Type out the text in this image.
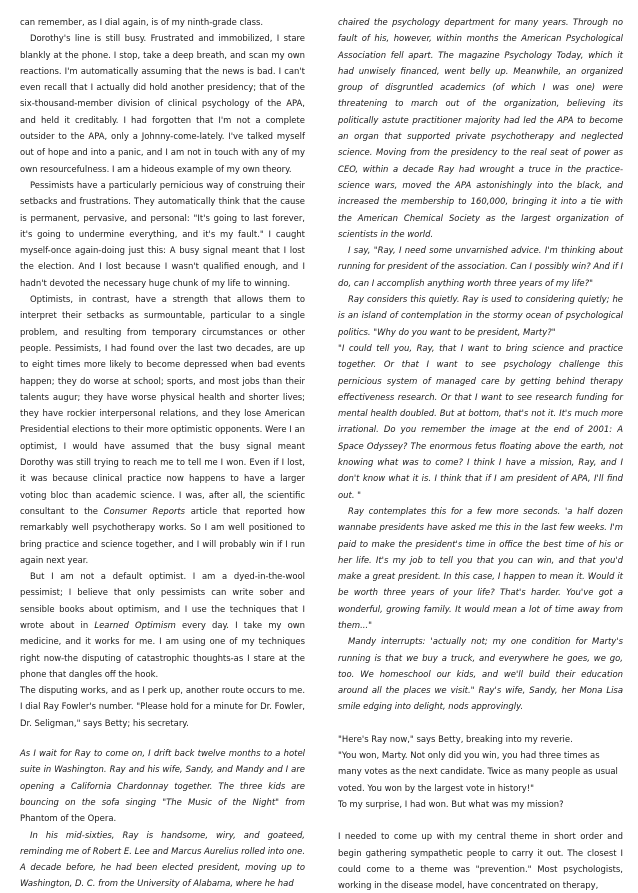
can remember, as I dial again, is of my ninth-grade class.

Dorothy's line is still busy. Frustrated and immobilized, I stare blankly at the phone. I stop, take a deep breath, and scan my own reactions. I'm automatically assuming that the news is bad. I can't even recall that I actually did hold another presidency; that of the six-thousand-member division of clinical psychology of the APA, and held it creditably. I had forgotten that I'm not a complete outsider to the APA, only a Johnny-come-lately. I've talked myself out of hope and into a panic, and I am not in touch with any of my own resourcefulness. I am a hideous example of my own theory.

Pessimists have a particularly pernicious way of construing their setbacks and frustrations. They automatically think that the cause is permanent, pervasive, and personal: "It's going to last forever, it's going to undermine everything, and it's my fault." I caught myself-once again-doing just this: A busy signal meant that I lost the election. And I lost because I wasn't qualified enough, and I hadn't devoted the necessary huge chunk of my life to winning.

Optimists, in contrast, have a strength that allows them to interpret their setbacks as surmountable, particular to a single problem, and resulting from temporary circumstances or other people. Pessimists, I had found over the last two decades, are up to eight times more likely to become depressed when bad events happen; they do worse at school; sports, and most jobs than their talents augur; they have worse physical health and shorter lives; they have rockier interpersonal relations, and they lose American Presidential elections to their more optimistic opponents. Were I an optimist, I would have assumed that the busy signal meant Dorothy was still trying to reach me to tell me I won. Even if I lost, it was because clinical practice now happens to have a larger voting bloc than academic science. I was, after all, the scientific consultant to the Consumer Reports article that reported how remarkably well psychotherapy works. So I am well positioned to bring practice and science together, and I will probably win if I run again next year.

But I am not a default optimist. I am a dyed-in-the-wool pessimist; I believe that only pessimists can write sober and sensible books about optimism, and I use the techniques that I wrote about in Learned Optimism every day. I take my own medicine, and it works for me. I am using one of my techniques right now-the disputing of catastrophic thoughts-as I stare at the phone that dangles off the hook.

The disputing works, and as I perk up, another route occurs to me. I dial Ray Fowler's number. "Please hold for a minute for Dr. Fowler, Dr. Seligman," says Betty; his secretary.

As I wait for Ray to come on, I drift back twelve months to a hotel suite in Washington. Ray and his wife, Sandy, and Mandy and I are opening a California Chardonnay together. The three kids are bouncing on the sofa singing "The Music of the Night" from Phantom of the Opera.

In his mid-sixties, Ray is handsome, wiry, and goateed, reminding me of Robert E. Lee and Marcus Aurelius rolled into one. A decade before, he had been elected president, moving up to Washington, D. C. from the University of Alabama, where he had

chaired the psychology department for many years. Through no fault of his, however, within months the American Psychological Association fell apart. The magazine Psychology Today, which it had unwisely financed, went belly up. Meanwhile, an organized group of disgruntled academics (of which I was one) were threatening to march out of the organization, believing its politically astute practitioner majority had led the APA to become an organ that supported private psychotherapy and neglected science. Moving from the presidency to the real seat of power as CEO, within a decade Ray had wrought a truce in the practice-science wars, moved the APA astonishingly into the black, and increased the membership to 160,000, bringing it into a tie with the American Chemical Society as the largest organization of scientists in the world.

I say, "Ray, I need some unvarnished advice. I'm thinking about running for president of the association. Can I possibly win? And if I do, can I accomplish anything worth three years of my life?"

Ray considers this quietly. Ray is used to considering quietly; he is an island of contemplation in the stormy ocean of psychological politics. "Why do you want to be president, Marty?"

"I could tell you, Ray, that I want to bring science and practice together. Or that I want to see psychology challenge this pernicious system of managed care by getting behind therapy effectiveness research. Or that I want to see research funding for mental health doubled. But at bottom, that's not it. It's much more irrational. Do you remember the image at the end of 2001: A Space Odyssey? The enormous fetus floating above the earth, not knowing what was to come? I think I have a mission, Ray, and I don't know what it is. I think that if I am president of APA, I'll find out. "

Ray contemplates this for a few more seconds. 'a half dozen wannabe presidents have asked me this in the last few weeks. I'm paid to make the president's time in office the best time of his or her life. It's my job to tell you that you can win, and that you'd make a great president. In this case, I happen to mean it. Would it be worth three years of your life? That's harder. You've got a wonderful, growing family. It would mean a lot of time away from them..."

Mandy interrupts: 'actually not; my one condition for Marty's running is that we buy a truck, and everywhere he goes, we go, too. We homeschool our kids, and we'll build their education around all the places we visit." Ray's wife, Sandy, her Mona Lisa smile edging into delight, nods approvingly.

"Here's Ray now," says Betty, breaking into my reverie.

"You won, Marty. Not only did you win, you had three times as many votes as the next candidate. Twice as many people as usual voted. You won by the largest vote in history!"

To my surprise, I had won. But what was my mission?

I needed to come up with my central theme in short order and begin gathering sympathetic people to carry it out. The closest I could come to a theme was "prevention." Most psychologists, working in the disease model, have concentrated on therapy,
